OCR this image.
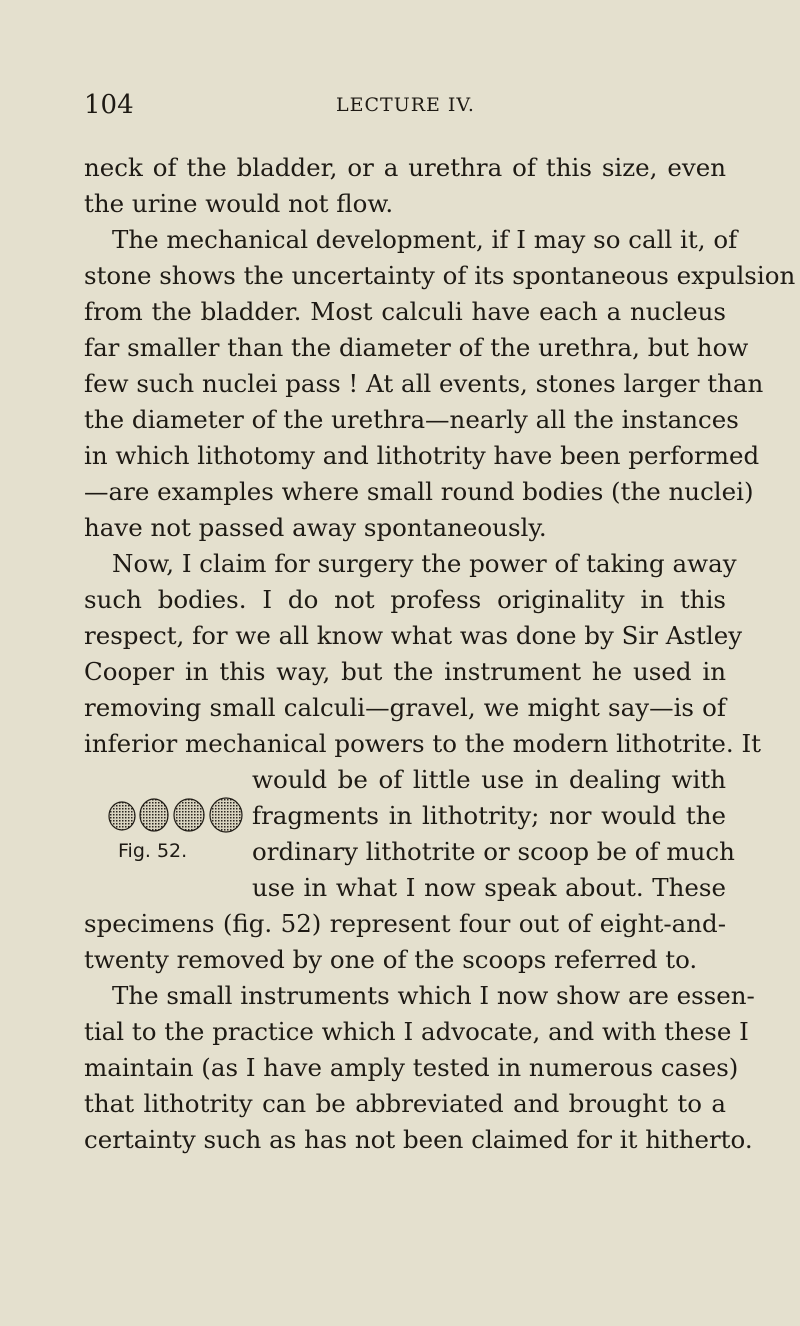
104	LECTURE IV.
neck of the bladder, or a urethra of this size, even
the urine would not flow.
The mechanical development, if I may so call it, of
stone shows the uncertainty of its spontaneous expulsion
from the bladder. Most calculi have each a nucleus
far smaller than the diameter of the urethra, but how
few such nuclei pass ! At all events, stones larger than
the diameter of the urethra—nearly all the instances
in which lithotomy and lithotrity have been performed
—are examples where small round bodies (the nuclei)
have not passed away spontaneously.
Now, I claim for surgery the power of taking away
such bodies. I do not profess originality in this
respect, for we all know what was done by Sir Astley
Cooper in this way, but the instrument he used in
removing small calculi—gravel, we might say—is of
inferior mechanical powers to the modern lithotrite. It
would be of little use in dealing with
fragments in lithotrity; nor would the
ordinary lithotrite or scoop be of much
use in what I now speak about. These
specimens (fig. 52) represent four out of eight-and-
twenty removed by one of the scoops referred to.
The small instruments which I now show are essen-
tial to the practice which I advocate, and with these I
maintain (as I have amply tested in numerous cases)
that lithotrity can be abbreviated and brought to a
certainty such as has not been claimed for it hitherto.
Fig. 52.
